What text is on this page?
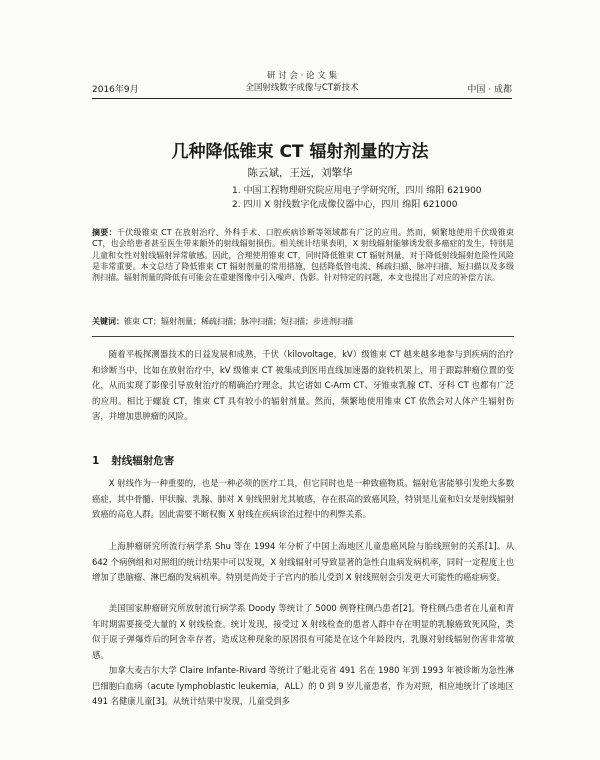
2016年9月
研 讨 会 · 论 文 集
全国射线数字成像与CT新技术	中国 · 成都
几种降低锥束 CT 辐射剂量的方法
陈云斌，王远，刘擎华
1. 中国工程物理研究院应用电子学研究所，四川 绵阳 621900
2. 四川 X 射线数字化成像仪器中心，四川 绵阳 621000
摘要：千伏级锥束 CT 在放射治疗、外科手术、口腔疾病诊断等领域都有广泛的应用。然而，频繁地使用千伏级锥束 CT，也会给患者甚至医生带来额外的射线辐射损伤。相关统计结果表明，X 射线辐射能够诱发很多癌症的发生，特别是儿童和女性对射线辐射异常敏感。因此，合理使用锥束 CT，同时降低锥束 CT 辐射剂量，对于降低射线辐射危险性风险是非常重要。本文总结了降低锥束 CT 辐射剂量的常用措施，包括降低管电流、稀疏扫描、脉冲扫描、短扫描以及多级剂扫描。辐射剂量的降低有可能会在重建图像中引入噪声、伪影。针对特定的问题，本文也提出了对应的补偿方法。
关键词：锥束 CT；辐射剂量；稀疏扫描；脉冲扫描；短扫描；步进剂扫描
随着平板探测器技术的日益发展和成熟，千伏（kilovoltage，kV）级锥束 CT 越来越多地参与到疾病的治疗和诊断当中，比如在放射治疗中，kV 级锥束 CT 被集成到医用直线加速器的旋转机架上，用于跟踪肿瘤位置的变化，从而实现了影像引导放射治疗的精确治疗理念。其它诸如 C-Arm CT、牙锥束乳腺 CT、牙科 CT 也都有广泛的应用。相比于螺旋 CT，锥束 CT 具有较小的辐射剂量。然而，频繁地使用锥束 CT 依然会对人体产生辐射伤害，并增加患肿瘤的风险。
1 射线辐射危害
X 射线作为一种重要的，也是一种必须的医疗工具，但它同时也是一种致癌物质。辐射危害能够引发绝大多数癌症，其中骨髓、甲状腺、乳腺、肺对 X 射线照射尤其敏感，存在很高的致癌风险，特别是儿童和妇女是射线辐射致癌的高危人群。因此需要不断权衡 X 射线在疾病诊治过程中的利弊关系。
上海肿瘤研究所流行病学系 Shu 等在 1994 年分析了中国上海地区儿童患癌风险与胎线照射的关系[1]。从 642 个病例组和对照组的统计结果中可以发现，X 射线辐射可导致显著的急性白血病发病机率，同时一定程度上也增加了患脑瘤、淋巴瘤的发病机率。特别是尚处于子宫内的胎儿受到 X 射线照射会引发更大可能性的癌症病变。
美国国家肿瘤研究所放射流行病学系 Doody 等统计了 5000 例脊柱侧凸患者[2]。脊柱侧凸患者在儿童和青年时期需要接受大量的 X 射线检查。统计发现，接受过 X 射线检查的患者人群中存在明显的乳腺癌致死风险，类似于原子弹爆炸后的阿舍幸存者，造成这种现象的原因很有可能是在这个年龄段内，乳腺对射线辐射伤害非常敏感。
加拿大麦吉尔大学 Claire Infante-Rivard 等统计了魁北克省 491 名在 1980 年到 1993 年被诊断为急性淋巴细胞白血病（acute lymphoblastic leukemia，ALL）的 0 到 9 岁儿童患者，作为对照，相应地统计了该地区 491 名健康儿童[3]。从统计结果中发现，儿童受到多
